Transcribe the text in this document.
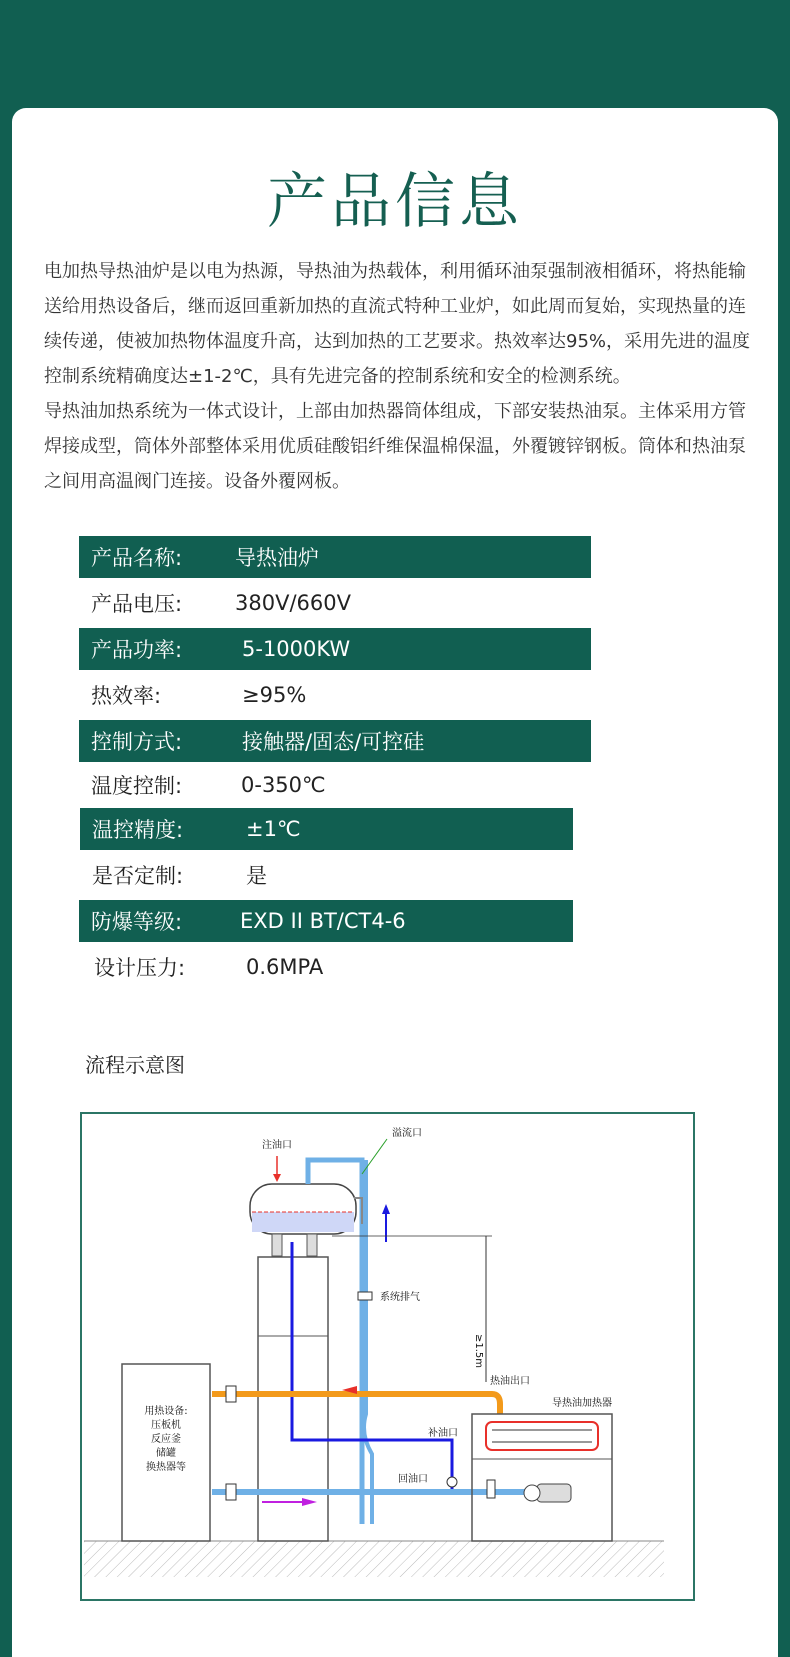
产品信息

电加热导热油炉是以电为热源，导热油为热载体，利用循环油泵强制液相循环，将热能输送给用热设备后，继而返回重新加热的直流式特种工业炉，如此周而复始，实现热量的连续传递，使被加热物体温度升高，达到加热的工艺要求。热效率达95%，采用先进的温度控制系统精确度达±1-2℃，具有先进完备的控制系统和安全的检测系统。

导热油加热系统为一体式设计，上部由加热器筒体组成，下部安装热油泵。主体采用方管焊接成型，筒体外部整体采用优质硅酸铝纤维保温棉保温，外覆镀锌钢板。筒体和热油泵之间用高温阀门连接。设备外覆网板。

产品名称:	导热油炉
产品电压:	380V/660V
产品功率:	5-1000KW
热效率:	≥95%
控制方式:	接触器/固态/可控硅
温度控制:	0-350℃
温控精度:	±1℃
是否定制:	是
防爆等级:	EXD II BT/CT4-6
设计压力:	0.6MPA
流程示意图
注油口
溢流口
系统排气
≥1.5m
补油口
热油出口
回油口
用热设备:
压板机
反应釜
储罐
换热器等
导热油加热器
